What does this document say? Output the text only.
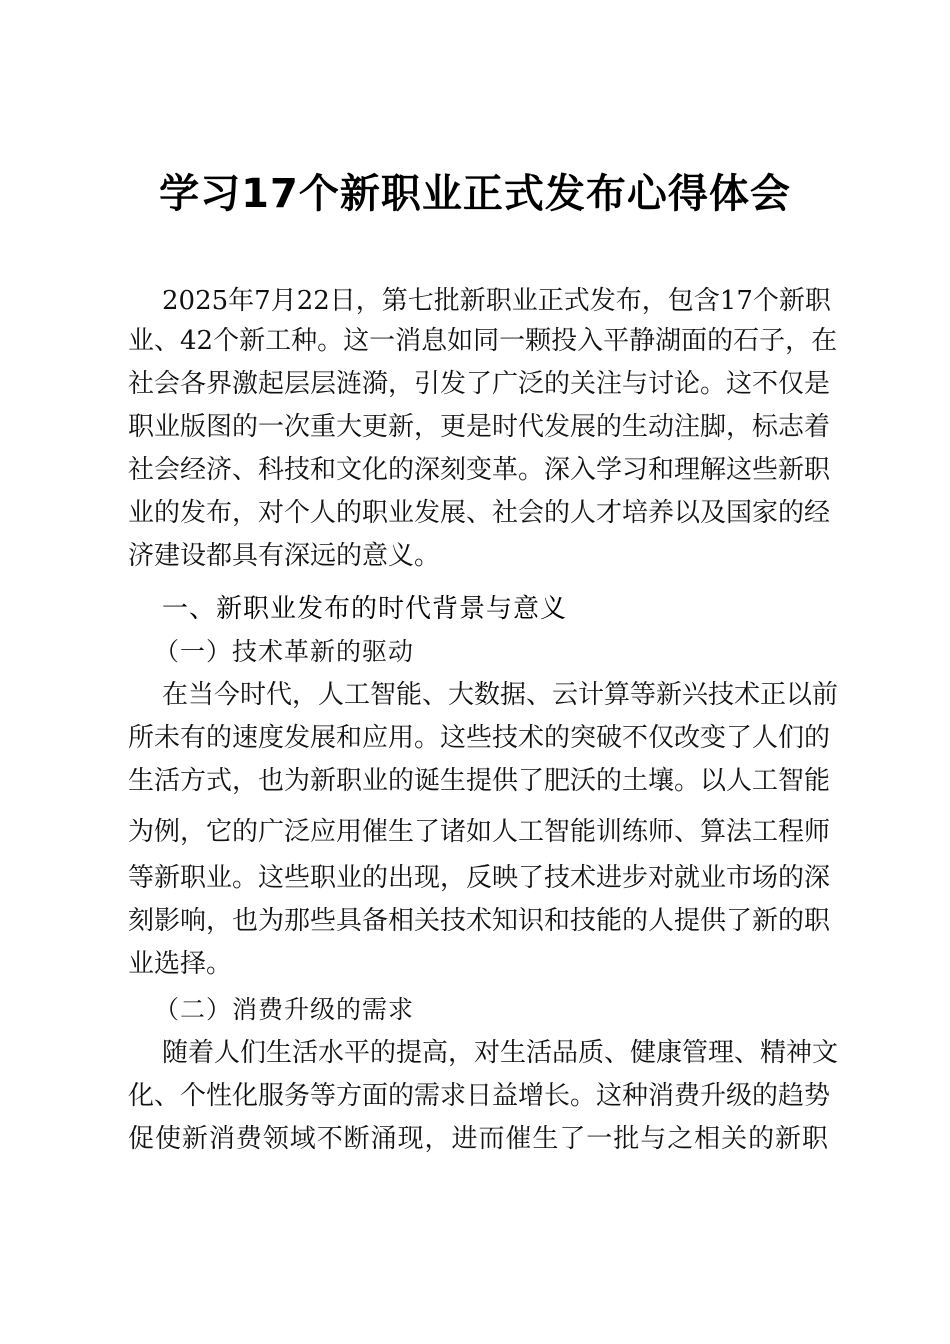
学习17个新职业正式发布心得体会
2025年7月22日，第七批新职业正式发布，包含17个新职
业、42个新工种。这一消息如同一颗投入平静湖面的石子，在
社会各界激起层层涟漪，引发了广泛的关注与讨论。这不仅是
职业版图的一次重大更新，更是时代发展的生动注脚，标志着
社会经济、科技和文化的深刻变革。深入学习和理解这些新职
业的发布，对个人的职业发展、社会的人才培养以及国家的经
济建设都具有深远的意义。
一、新职业发布的时代背景与意义
（一）技术革新的驱动
在当今时代，人工智能、大数据、云计算等新兴技术正以前
所未有的速度发展和应用。这些技术的突破不仅改变了人们的
生活方式，也为新职业的诞生提供了肥沃的土壤。以人工智能
为例，它的广泛应用催生了诸如人工智能训练师、算法工程师
等新职业。这些职业的出现，反映了技术进步对就业市场的深
刻影响，也为那些具备相关技术知识和技能的人提供了新的职
业选择。
（二）消费升级的需求
随着人们生活水平的提高，对生活品质、健康管理、精神文
化、个性化服务等方面的需求日益增长。这种消费升级的趋势
促使新消费领域不断涌现，进而催生了一批与之相关的新职
